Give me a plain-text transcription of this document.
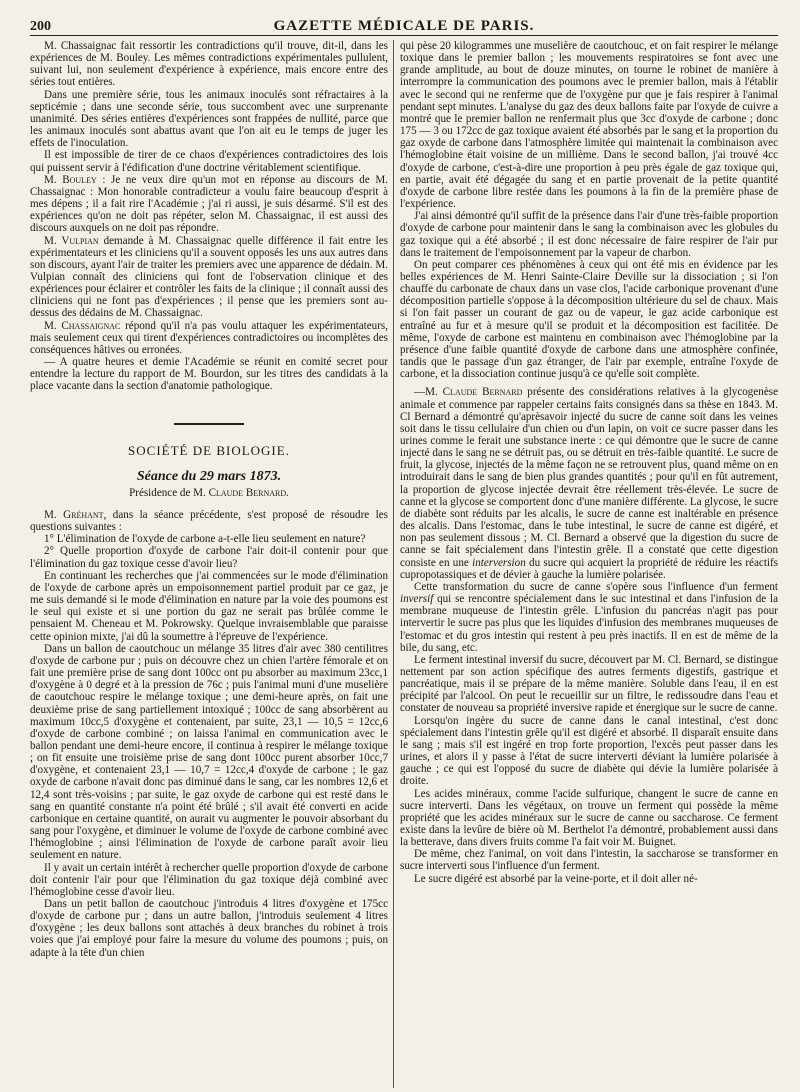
200	GAZETTE MÉDICALE DE PARIS.

M. Chassaignac fait ressortir les contradictions qu'il trouve, dit-il, dans les expériences de M. Bouley. Les mêmes contradictions expérimentales pullulent, suivant lui, non seulement d'expérience à expérience, mais encore entre des séries tout entières.

Dans une première série, tous les animaux inoculés sont réfractaires à la septicémie ; dans une seconde série, tous succombent avec une surprenante unanimité. Des séries entières d'expériences sont frappées de nullité, parce que les animaux inoculés sont abattus avant que l'on ait eu le temps de juger les effets de l'inoculation.

Il est impossible de tirer de ce chaos d'expériences contradictoires des lois qui puissent servir à l'édification d'une doctrine véritablement scientifique.

M. Bouley : Je ne veux dire qu'un mot en réponse au discours de M. Chassaignac : Mon honorable contradicteur a voulu faire beaucoup d'esprit à mes dépens ; il a fait rire l'Académie ; j'ai ri aussi, je suis désarmé. S'il est des expériences qu'on ne doit pas répéter, selon M. Chassaignac, il est aussi des discours auxquels on ne doit pas répondre.

M. Vulpian demande à M. Chassaignac quelle différence il fait entre les expérimentateurs et les cliniciens qu'il a souvent opposés les uns aux autres dans son discours, ayant l'air de traiter les premiers avec une apparence de dédain. M. Vulpian connaît des cliniciens qui font de l'observation clinique et des expériences pour éclairer et contrôler les faits de la clinique ; il connaît aussi des cliniciens qui ne font pas d'expériences ; il pense que les premiers sont au-dessus des dédains de M. Chassaignac.

M. Chassaignac répond qu'il n'a pas voulu attaquer les expérimentateurs, mais seulement ceux qui tirent d'expériences contradictoires ou incomplètes des conséquences hâtives ou erronées.

— A quatre heures et demie l'Académie se réunit en comité secret pour entendre la lecture du rapport de M. Bourdon, sur les titres des candidats à la place vacante dans la section d'anatomie pathologique.

SOCIÉTÉ DE BIOLOGIE.

Séance du 29 mars 1873.

Présidence de M. Claude Bernard.

M. Gréhant, dans la séance précédente, s'est proposé de résoudre les questions suivantes :

1° L'élimination de l'oxyde de carbone a-t-elle lieu seulement en nature?

2° Quelle proportion d'oxyde de carbone l'air doit-il contenir pour que l'élimination du gaz toxique cesse d'avoir lieu?

En continuant les recherches que j'ai commencées sur le mode d'élimination de l'oxyde de carbone après un empoisonnement partiel produit par ce gaz, je me suis demandé si le mode d'élimination en nature par la voie des poumons est le seul qui existe et si une portion du gaz ne serait pas brûlée comme le pensaient M. Cheneau et M. Pokrowsky. Quelque invraisemblable que paraisse cette opinion mixte, j'ai dû la soumettre à l'épreuve de l'expérience.

Dans un ballon de caoutchouc un mélange 35 litres d'air avec 380 centilitres d'oxyde de carbone pur ; puis on découvre chez un chien l'artère fémorale et on fait une première prise de sang dont 100cc ont pu absorber au maximum 23cc,1 d'oxygène à 0 degré et à la pression de 76c ; puis l'animal muni d'une muselière de caoutchouc respire le mélange toxique ; une demi-heure après, on fait une deuxième prise de sang partiellement intoxiqué ; 100cc de sang absorbèrent au maximum 10cc,5 d'oxygène et contenaient, par suite, 23,1 — 10,5 = 12cc,6 d'oxyde de carbone combiné ; on laissa l'animal en communication avec le ballon pendant une demi-heure encore, il continua à respirer le mélange toxique ; on fit ensuite une troisième prise de sang dont 100cc purent absorber 10cc,7 d'oxygène, et contenaient 23,1 — 10,7 = 12cc,4 d'oxyde de carbone ; le gaz oxyde de carbone n'avait donc pas diminué dans le sang, car les nombres 12,6 et 12,4 sont très-voisins ; par suite, le gaz oxyde de carbone qui est resté dans le sang en quantité constante n'a point été brûlé ; s'il avait été converti en acide carbonique en certaine quantité, on aurait vu augmenter le pouvoir absorbant du sang pour l'oxygène, et diminuer le volume de l'oxyde de carbone combiné avec l'hémoglobine ; ainsi l'élimination de l'oxyde de carbone paraît avoir lieu seulement en nature.

Il y avait un certain intérêt à rechercher quelle proportion d'oxyde de carbone doit contenir l'air pour que l'élimination du gaz toxique déjà combiné avec l'hémoglobine cesse d'avoir lieu.

Dans un petit ballon de caoutchouc j'introduis 4 litres d'oxygène et 175cc d'oxyde de carbone pur ; dans un autre ballon, j'introduis seulement 4 litres d'oxygène ; les deux ballons sont attachés à deux branches du robinet à trois voies que j'ai employé pour faire la mesure du volume des poumons ; puis, on adapte à la tête d'un chien

qui pèse 20 kilogrammes une muselière de caoutchouc, et on fait respirer le mélange toxique dans le premier ballon ; les mouvements respiratoires se font avec une grande amplitude, au bout de douze minutes, on tourne le robinet de manière à interrompre la communication des poumons avec le premier ballon, mais à l'établir avec le second qui ne renferme que de l'oxygène pur que je fais respirer à l'animal pendant sept minutes. L'analyse du gaz des deux ballons faite par l'oxyde de cuivre a montré que le premier ballon ne renfermait plus que 3cc d'oxyde de carbone ; donc 175 — 3 ou 172cc de gaz toxique avaient été absorbés par le sang et la proportion du gaz oxyde de carbone dans l'atmosphère limitée qui maintenait la combinaison avec l'hémoglobine était voisine de un millième. Dans le second ballon, j'ai trouvé 4cc d'oxyde de carbone, c'est-à-dire une proportion à peu près égale de gaz toxique qui, en partie, avait été dégagée du sang et en partie provenait de la petite quantité d'oxyde de carbone libre restée dans les poumons à la fin de la première phase de l'expérience.

J'ai ainsi démontré qu'il suffit de la présence dans l'air d'une très-faible proportion d'oxyde de carbone pour maintenir dans le sang la combinaison avec les globules du gaz toxique qui a été absorbé ; il est donc nécessaire de faire respirer de l'air pur dans le traitement de l'empoisonnement par la vapeur de charbon.

On peut comparer ces phénomènes à ceux qui ont été mis en évidence par les belles expériences de M. Henri Sainte-Claire Deville sur la dissociation ; si l'on chauffe du carbonate de chaux dans un vase clos, l'acide carbonique provenant d'une décomposition partielle s'oppose à la décomposition ultérieure du sel de chaux. Mais si l'on fait passer un courant de gaz ou de vapeur, le gaz acide carbonique est entraîné au fur et à mesure qu'il se produit et la décomposition est facilitée. De même, l'oxyde de carbone est maintenu en combinaison avec l'hémoglobine par la présence d'une faible quantité d'oxyde de carbone dans une atmosphère confinée, tandis que le passage d'un gaz étranger, de l'air par exemple, entraîne l'oxyde de carbone, et la dissociation continue jusqu'à ce qu'elle soit complète.

—M. Claude Bernard présente des considérations relatives à la glycogenèse animale et commence par rappeler certains faits consignés dans sa thèse en 1843. M. Cl Bernard a démontré qu'aprèsavoir injecté du sucre de canne soit dans les veines soit dans le tissu cellulaire d'un chien ou d'un lapin, on voit ce sucre passer dans les urines comme le ferait une substance inerte : ce qui démontre que le sucre de canne injecté dans le sang ne se détruit pas, ou se détruit en très-faible quantité. Le sucre de fruit, la glycose, injectés de la même façon ne se retrouvent plus, quand même on en introduirait dans le sang de bien plus grandes quantités ; pour qu'il en fût autrement, la proportion de glycose injectée devrait être réellement très-élevée. Le sucre de canne et la glycose se comportent donc d'une manière différente. La glycose, le sucre de diabète sont réduits par les alcalis, le sucre de canne est inaltérable en présence des alcalis. Dans l'estomac, dans le tube intestinal, le sucre de canne est digéré, et non pas seulement dissous ; M. Cl. Bernard a observé que la digestion du sucre de canne se fait spécialement dans l'intestin grêle. Il a constaté que cette digestion consiste en une interversion du sucre qui acquiert la propriété de réduire les réactifs cupropotassiques et de dévier à gauche la lumière polarisée.

Cette transformation du sucre de canne s'opère sous l'influence d'un ferment inversif qui se rencontre spécialement dans le suc intestinal et dans l'infusion de la membrane muqueuse de l'intestin grêle. L'infusion du pancréas n'agit pas pour intervertir le sucre pas plus que les liquides d'infusion des membranes muqueuses de l'estomac et du gros intestin qui restent à peu près inactifs. Il en est de même de la bile, du sang, etc.

Le ferment intestinal inversif du sucre, découvert par M. Cl. Bernard, se distingue nettement par son action spécifique des autres ferments digestifs, gastrique et pancréatique, mais il se prépare de la même manière. Soluble dans l'eau, il en est précipité par l'alcool. On peut le recueillir sur un filtre, le redissoudre dans l'eau et constater de nouveau sa propriété inversive rapide et énergique sur le sucre de canne.

Lorsqu'on ingère du sucre de canne dans le canal intestinal, c'est donc spécialement dans l'intestin grêle qu'il est digéré et absorbé. Il disparaît ensuite dans le sang ; mais s'il est ingéré en trop forte proportion, l'excès peut passer dans les urines, et alors il y passe à l'état de sucre interverti déviant la lumière polarisée à gauche ; ce qui est l'opposé du sucre de diabète qui dévie la lumière polarisée à droite.

Les acides minéraux, comme l'acide sulfurique, changent le sucre de canne en sucre interverti. Dans les végétaux, on trouve un ferment qui possède la même propriété que les acides minéraux sur le sucre de canne ou saccharose. Ce ferment existe dans la levûre de bière où M. Berthelot l'a démontré, probablement aussi dans la betterave, dans divers fruits comme l'a fait voir M. Buignet.

De même, chez l'animal, on voit dans l'intestin, la saccharose se transformer en sucre interverti sous l'influence d'un ferment.

Le sucre digéré est absorbé par la veine-porte, et il doit aller né-
